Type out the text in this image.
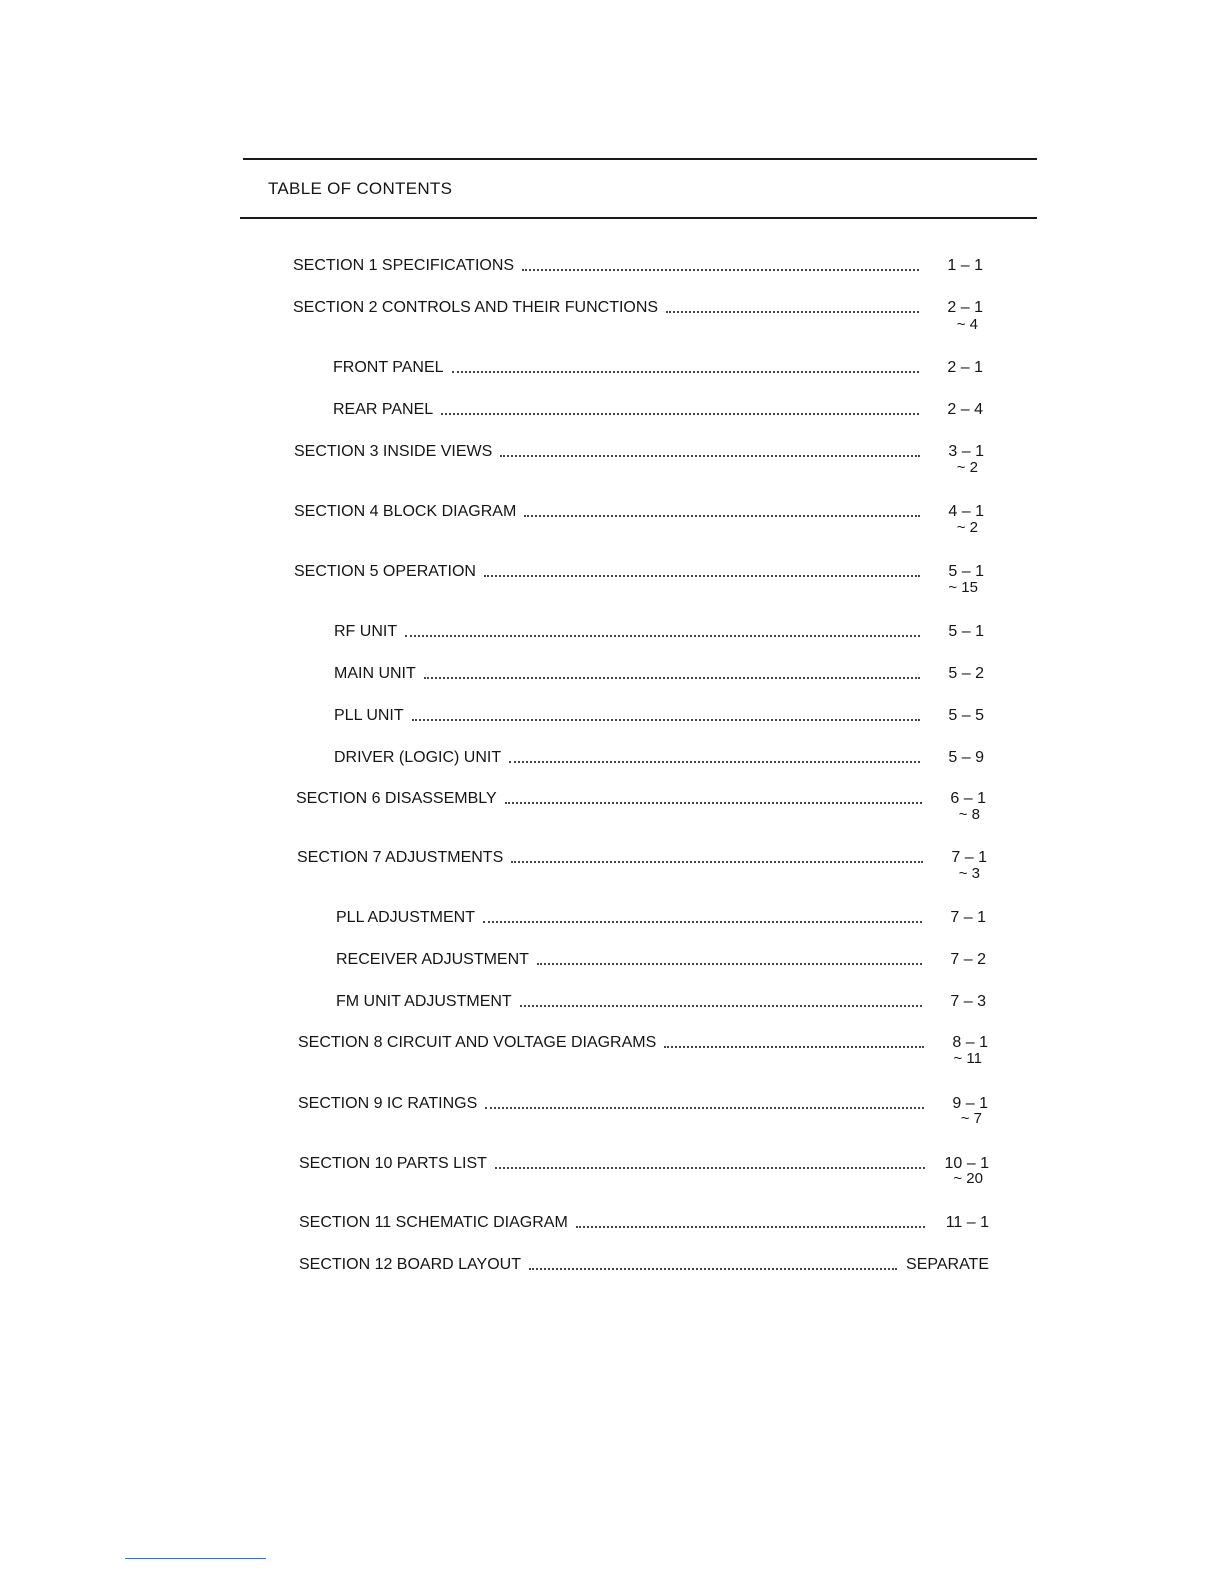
TABLE OF CONTENTS
SECTION 1 SPECIFICATIONS	1 – 1
SECTION 2 CONTROLS AND THEIR FUNCTIONS	2 – 1
~ 4
FRONT PANEL	2 – 1
REAR PANEL	2 – 4
SECTION 3 INSIDE VIEWS	3 – 1
~ 2
SECTION 4 BLOCK DIAGRAM	4 – 1
~ 2
SECTION 5 OPERATION	5 – 1
~ 15
RF UNIT	5 – 1
MAIN UNIT	5 – 2
PLL UNIT	5 – 5
DRIVER (LOGIC) UNIT	5 – 9
SECTION 6 DISASSEMBLY	6 – 1
~ 8
SECTION 7 ADJUSTMENTS	7 – 1
~ 3
PLL ADJUSTMENT	7 – 1
RECEIVER ADJUSTMENT	7 – 2
FM UNIT ADJUSTMENT	7 – 3
SECTION 8 CIRCUIT AND VOLTAGE DIAGRAMS	8 – 1
~ 11
SECTION 9 IC RATINGS	9 – 1
~ 7
SECTION 10 PARTS LIST	10 – 1
~ 20
SECTION 11 SCHEMATIC DIAGRAM	11 – 1
SECTION 12 BOARD LAYOUT	SEPARATE
